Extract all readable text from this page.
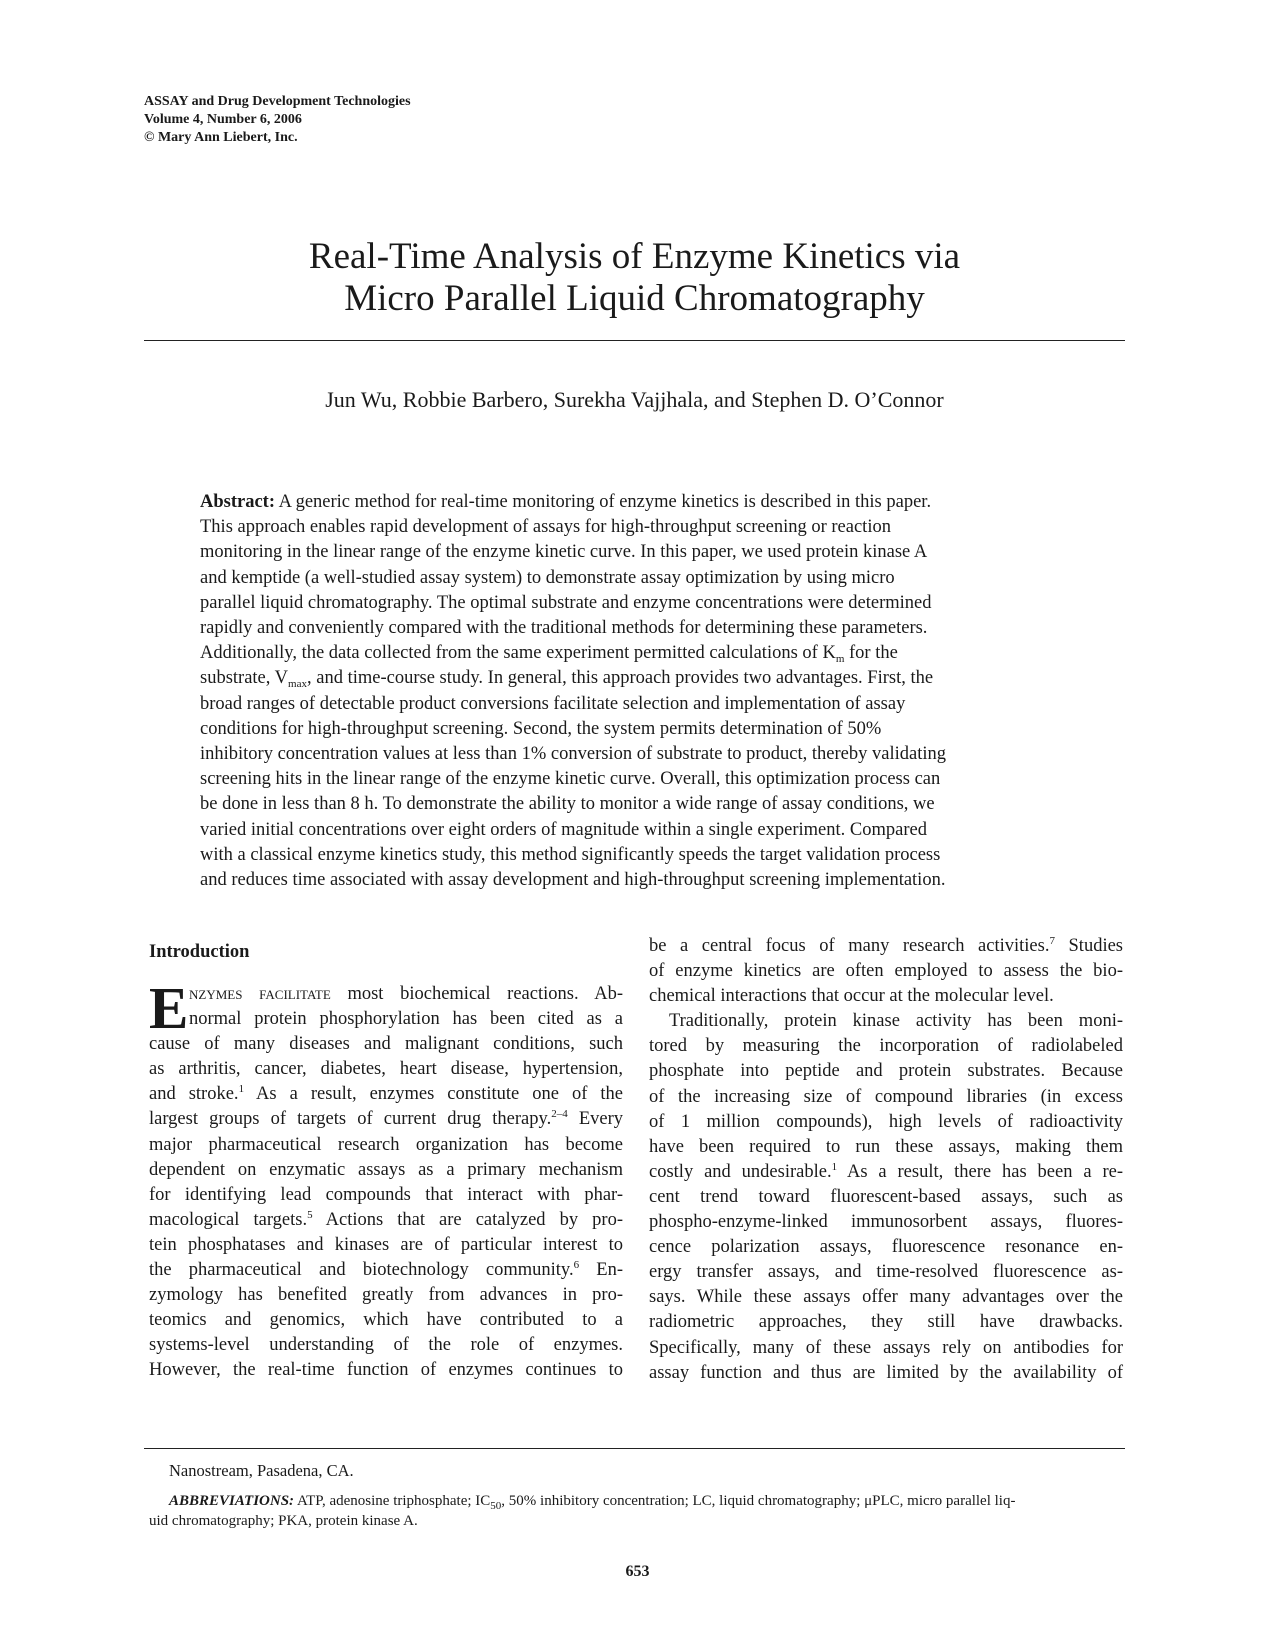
ASSAY and Drug Development Technologies
Volume 4, Number 6, 2006
© Mary Ann Liebert, Inc.
Real-Time Analysis of Enzyme Kinetics via
Micro Parallel Liquid Chromatography
Jun Wu, Robbie Barbero, Surekha Vajjhala, and Stephen D. O’Connor
Abstract: A generic method for real-time monitoring of enzyme kinetics is described in this paper.
This approach enables rapid development of assays for high-throughput screening or reaction
monitoring in the linear range of the enzyme kinetic curve. In this paper, we used protein kinase A
and kemptide (a well-studied assay system) to demonstrate assay optimization by using micro
parallel liquid chromatography. The optimal substrate and enzyme concentrations were determined
rapidly and conveniently compared with the traditional methods for determining these parameters.
Additionally, the data collected from the same experiment permitted calculations of $K_m$ for the
substrate, $V_{max}$, and time-course study. In general, this approach provides two advantages. First, the
broad ranges of detectable product conversions facilitate selection and implementation of assay
conditions for high-throughput screening. Second, the system permits determination of 50%
inhibitory concentration values at less than 1% conversion of substrate to product, thereby validating
screening hits in the linear range of the enzyme kinetic curve. Overall, this optimization process can
be done in less than 8 h. To demonstrate the ability to monitor a wide range of assay conditions, we
varied initial concentrations over eight orders of magnitude within a single experiment. Compared
with a classical enzyme kinetics study, this method significantly speeds the target validation process
and reduces time associated with assay development and high-throughput screening implementation.
Introduction
E nzymes facilitate most biochemical reactions. Ab-
normal protein phosphorylation has been cited as a
cause of many diseases and malignant conditions, such
as arthritis, cancer, diabetes, heart disease, hypertension,
and stroke.$^1$ As a result, enzymes constitute one of the
largest groups of targets of current drug therapy.$^{2-4}$ Every
major pharmaceutical research organization has become
dependent on enzymatic assays as a primary mechanism
for identifying lead compounds that interact with phar-
macological targets.$^5$ Actions that are catalyzed by pro-
tein phosphatases and kinases are of particular interest to
the pharmaceutical and biotechnology community.$^6$ En-
zymology has benefited greatly from advances in pro-
teomics and genomics, which have contributed to a
systems-level understanding of the role of enzymes.
However, the real-time function of enzymes continues to
be a central focus of many research activities.$^7$ Studies
of enzyme kinetics are often employed to assess the bio-
chemical interactions that occur at the molecular level.
Traditionally, protein kinase activity has been moni-
tored by measuring the incorporation of radiolabeled
phosphate into peptide and protein substrates. Because
of the increasing size of compound libraries (in excess
of 1 million compounds), high levels of radioactivity
have been required to run these assays, making them
costly and undesirable.$^1$ As a result, there has been a re-
cent trend toward fluorescent-based assays, such as
phospho-enzyme-linked immunosorbent assays, fluores-
cence polarization assays, fluorescence resonance en-
ergy transfer assays, and time-resolved fluorescence as-
says. While these assays offer many advantages over the
radiometric approaches, they still have drawbacks.
Specifically, many of these assays rely on antibodies for
assay function and thus are limited by the availability of
Nanostream, Pasadena, CA.
ABBREVIATIONS: ATP, adenosine triphosphate; $IC_{50}$, 50% inhibitory concentration; LC, liquid chromatography; μPLC, micro parallel liq-
uid chromatography; PKA, protein kinase A.
653
